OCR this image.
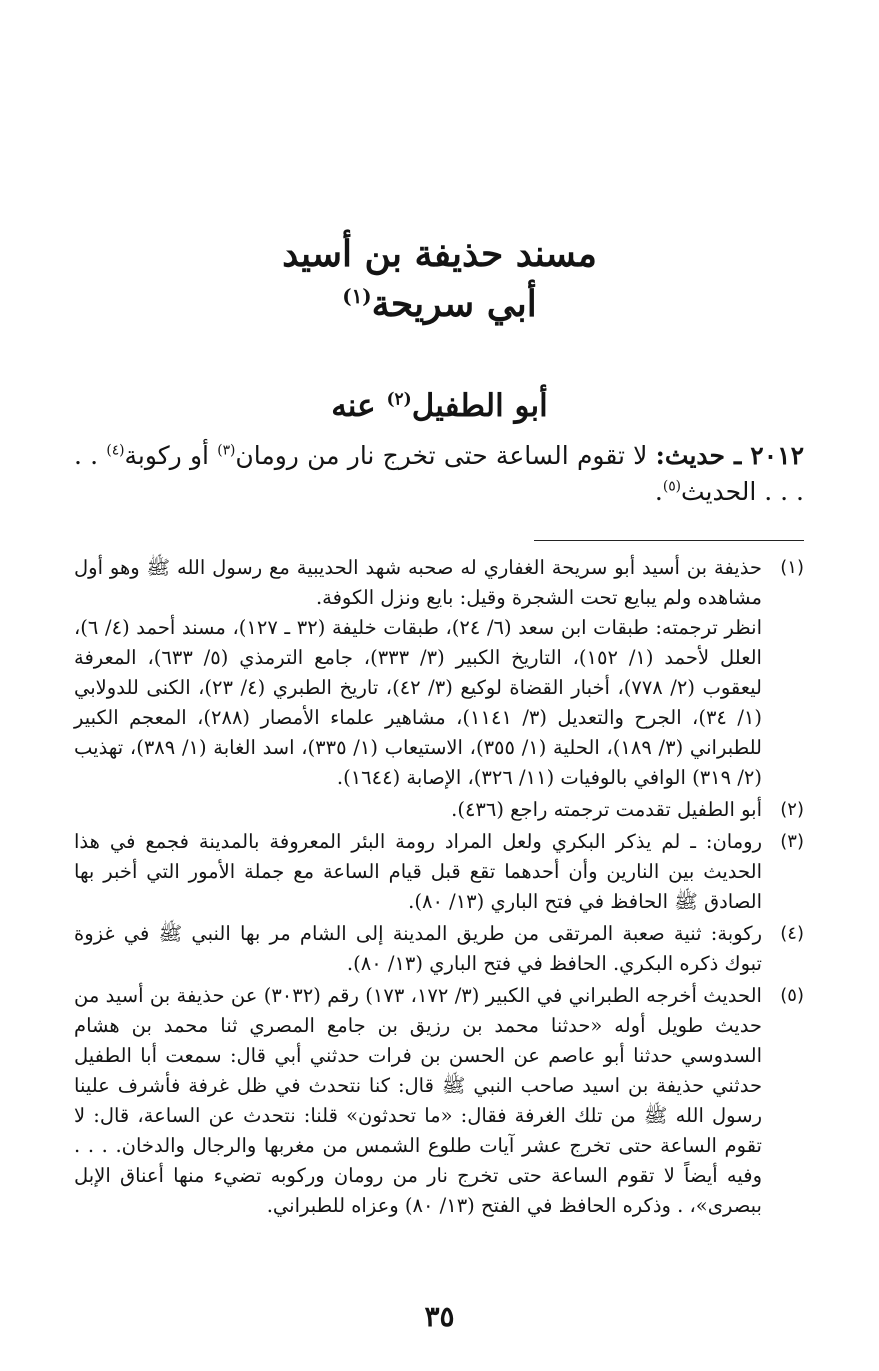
مسند حذيفة بن أسيد
أبي سريحة$^{(١)}$
أبو الطفيل$^{(٢)}$ عنه

٢٠١٢ ـ حديث: لا تقوم الساعة حتى تخرج نار من رومان$^{(٣)}$ أو ركوبة$^{(٤)}$ . . . . . الحديث$^{(٥)}$.

(١)

حذيفة بن أسيد أبو سريحة الغفاري له صحبه شهد الحديبية مع رسول الله ﷺ وهو أول مشاهده ولم يبايع تحت الشجرة وقيل: بايع ونزل الكوفة.

انظر ترجمته: طبقات ابن سعد (٦/ ٢٤)، طبقات خليفة (٣٢ ـ ١٢٧)، مسند أحمد (٤/ ٦)، العلل لأحمد (١/ ١٥٢)، التاريخ الكبير (٣/ ٣٣٣)، جامع الترمذي (٥/ ٦٣٣)، المعرفة ليعقوب (٢/ ٧٧٨)، أخبار القضاة لوكيع (٣/ ٤٢)، تاريخ الطبري (٤/ ٢٣)، الكنى للدولابي (١/ ٣٤)، الجرح والتعديل (٣/ ١١٤١)، مشاهير علماء الأمصار (٢٨٨)، المعجم الكبير للطبراني (٣/ ١٨٩)، الحلية (١/ ٣٥٥)، الاستيعاب (١/ ٣٣٥)، اسد الغابة (١/ ٣٨٩)، تهذيب (٢/ ٣١٩) الوافي بالوفيات (١١/ ٣٢٦)، الإصابة (١٦٤٤).

(٢)

أبو الطفيل تقدمت ترجمته راجع (٤٣٦).

(٣)

رومان: ـ لم يذكر البكري ولعل المراد رومة البئر المعروفة بالمدينة فجمع في هذا الحديث بين النارين وأن أحدهما تقع قبل قيام الساعة مع جملة الأمور التي أخبر بها الصادق ﷺ الحافظ في فتح الباري (١٣/ ٨٠).

(٤)

ركوبة: ثنية صعبة المرتقى من طريق المدينة إلى الشام مر بها النبي ﷺ في غزوة تبوك ذكره البكري. الحافظ في فتح الباري (١٣/ ٨٠).

(٥)

الحديث أخرجه الطبراني في الكبير (٣/ ١٧٢، ١٧٣) رقم (٣٠٣٢) عن حذيفة بن أسيد من حديث طويل أوله «حدثنا محمد بن رزيق بن جامع المصري ثنا محمد بن هشام السدوسي حدثنا أبو عاصم عن الحسن بن فرات حدثني أبي قال: سمعت أبا الطفيل حدثني حذيفة بن اسيد صاحب النبي ﷺ قال: كنا نتحدث في ظل غرفة فأشرف علينا رسول الله ﷺ من تلك الغرفة فقال: «ما تحدثون» قلنا: نتحدث عن الساعة، قال: لا تقوم الساعة حتى تخرج عشر آيات طلوع الشمس من مغربها والرجال والدخان. . . . وفيه أيضاً لا تقوم الساعة حتى تخرج نار من رومان وركوبه تضيء منها أعناق الإبل ببصرى»، . وذكره الحافظ في الفتح (١٣/ ٨٠) وعزاه للطبراني.

٣٥
